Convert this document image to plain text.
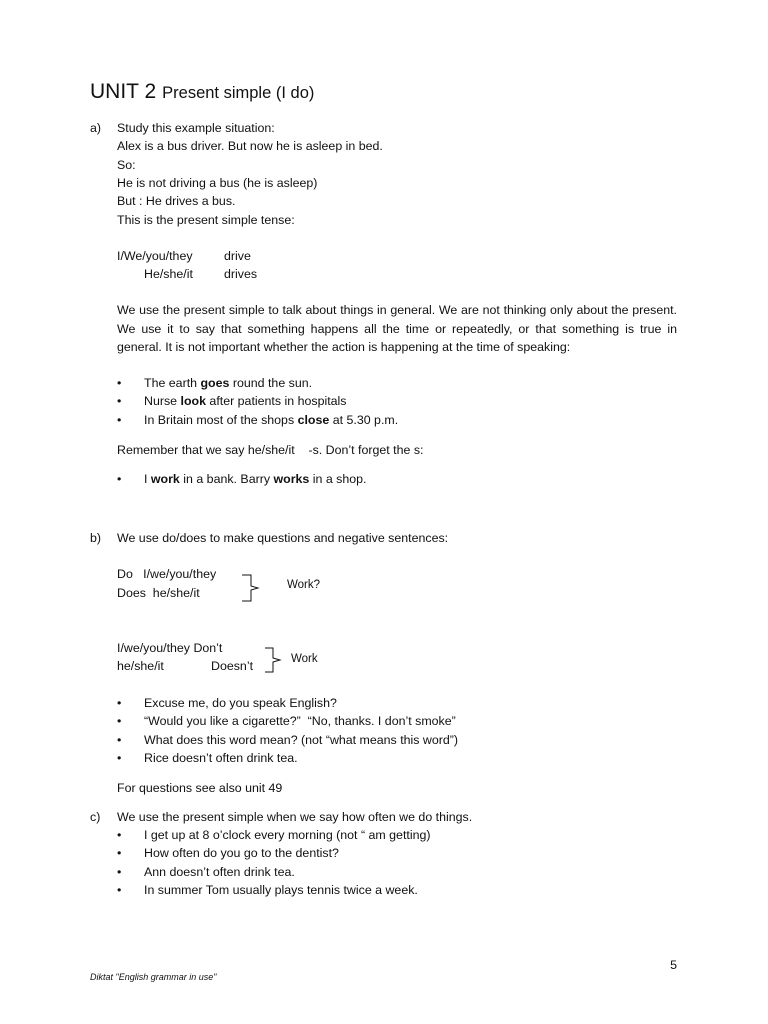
UNIT 2 Present simple (I do)
a) Study this example situation:
Alex is a bus driver. But now he is asleep in bed.
So:
He is not driving a bus (he is asleep)
But : He drives a bus.
This is the present simple tense:
I/We/you/they	drive
He/she/it	drives
We use the present simple to talk about things in general. We are not thinking only about the present. We use it to say that something happens all the time or repeatedly, or that something is true in general. It is not important whether the action is happening at the time of speaking:
• The earth goes round the sun.
• Nurse look after patients in hospitals
• In Britain most of the shops close at 5.30 p.m.
Remember that we say he/she/it    -s. Don’t forget the s:
• I work in a bank. Barry works in a shop.
b) We use do/does to make questions and negative sentences:
Do   I/we/you/they
Does  he/she/it
Work?
I/we/you/they Don’t
he/she/it	Doesn’t	Work
• Excuse me, do you speak English?
• “Would you like a cigarette?”  “No, thanks. I don’t smoke”
• What does this word mean? (not “what means this word”)
• Rice doesn’t often drink tea.
For questions see also unit 49
c) We use the present simple when we say how often we do things.
• I get up at 8 o’clock every morning (not “ am getting)
• How often do you go to the dentist?
• Ann doesn’t often drink tea.
• In summer Tom usually plays tennis twice a week.
5
Diktat "English grammar in use"
